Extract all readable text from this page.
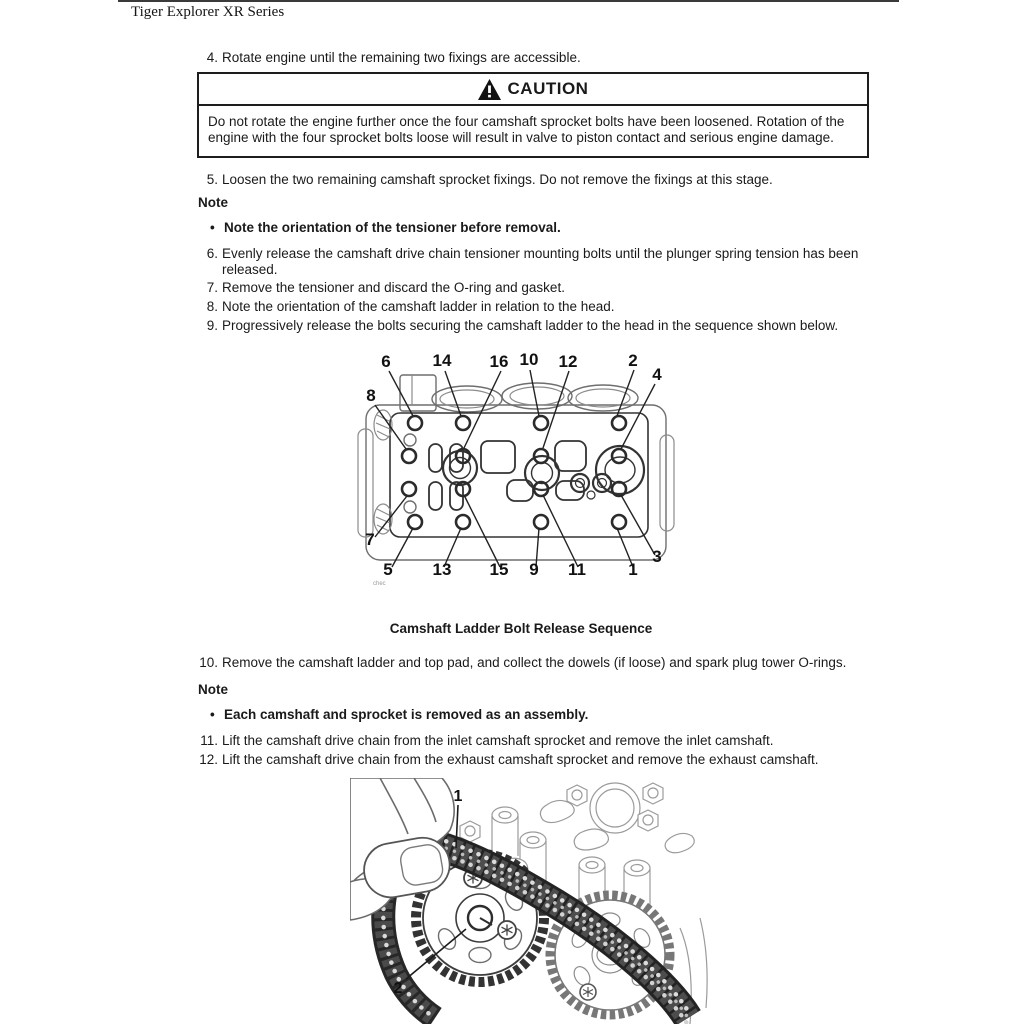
Tiger Explorer XR Series
4. Rotate engine until the remaining two fixings are accessible.
CAUTION
Do not rotate the engine further once the four camshaft sprocket bolts have been loosened. Rotation of the engine with the four sprocket bolts loose will result in valve to piston contact and serious engine damage.
5. Loosen the two remaining camshaft sprocket fixings. Do not remove the fixings at this stage.
Note
• Note the orientation of the tensioner before removal.
6. Evenly release the camshaft drive chain tensioner mounting bolts until the plunger spring tension has been released.
7. Remove the tensioner and discard the O-ring and gasket.
8. Note the orientation of the camshaft ladder in relation to the head.
9. Progressively release the bolts securing the camshaft ladder to the head in the sequence shown below.
6 14 16 10 12	2
4
8
7
5 13 15 9 11 1
3
chec
Camshaft Ladder Bolt Release Sequence
10. Remove the camshaft ladder and top pad, and collect the dowels (if loose) and spark plug tower O-rings.
Note
• Each camshaft and sprocket is removed as an assembly.
11. Lift the camshaft drive chain from the inlet camshaft sprocket and remove the inlet camshaft.
12. Lift the camshaft drive chain from the exhaust camshaft sprocket and remove the exhaust camshaft.
1
2
